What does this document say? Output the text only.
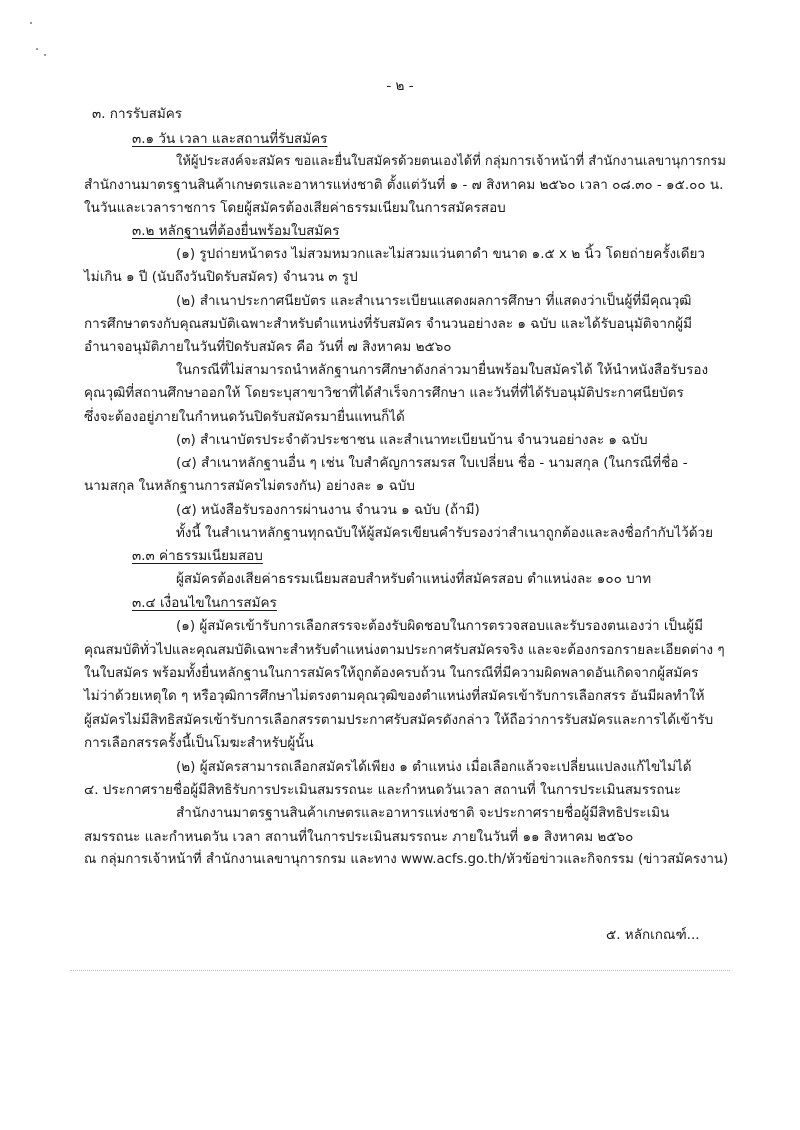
- ๒ -
๓. การรับสมัคร
๓.๑ วัน เวลา และสถานที่รับสมัคร
ให้ผู้ประสงค์จะสมัคร ขอและยื่นใบสมัครด้วยตนเองได้ที่ กลุ่มการเจ้าหน้าที่ สำนักงานเลขานุการกรม
สำนักงานมาตรฐานสินค้าเกษตรและอาหารแห่งชาติ ตั้งแต่วันที่ ๑ - ๗ สิงหาคม ๒๕๖๐ เวลา ๐๘.๓๐ - ๑๕.๐๐ น.
ในวันและเวลาราชการ โดยผู้สมัครต้องเสียค่าธรรมเนียมในการสมัครสอบ
๓.๒ หลักฐานที่ต้องยื่นพร้อมใบสมัคร
(๑) รูปถ่ายหน้าตรง ไม่สวมหมวกและไม่สวมแว่นตาดำ ขนาด ๑.๕ x ๒ นิ้ว โดยถ่ายครั้งเดียว
ไม่เกิน ๑ ปี (นับถึงวันปิดรับสมัคร) จำนวน ๓ รูป
(๒) สำเนาประกาศนียบัตร และสำเนาระเบียนแสดงผลการศึกษา ที่แสดงว่าเป็นผู้ที่มีคุณวุฒิ
การศึกษาตรงกับคุณสมบัติเฉพาะสำหรับตำแหน่งที่รับสมัคร จำนวนอย่างละ ๑ ฉบับ และได้รับอนุมัติจากผู้มี
อำนาจอนุมัติภายในวันที่ปิดรับสมัคร คือ วันที่ ๗ สิงหาคม ๒๕๖๐
ในกรณีที่ไม่สามารถนำหลักฐานการศึกษาดังกล่าวมายื่นพร้อมใบสมัครได้ ให้นำหนังสือรับรอง
คุณวุฒิที่สถานศึกษาออกให้ โดยระบุสาขาวิชาที่ได้สำเร็จการศึกษา และวันที่ที่ได้รับอนุมัติประกาศนียบัตร
ซึ่งจะต้องอยู่ภายในกำหนดวันปิดรับสมัครมายื่นแทนก็ได้
(๓) สำเนาบัตรประจำตัวประชาชน และสำเนาทะเบียนบ้าน จำนวนอย่างละ ๑ ฉบับ
(๔) สำเนาหลักฐานอื่น ๆ เช่น ใบสำคัญการสมรส ใบเปลี่ยน ชื่อ - นามสกุล (ในกรณีที่ชื่อ -
นามสกุล ในหลักฐานการสมัครไม่ตรงกัน) อย่างละ ๑ ฉบับ
(๕) หนังสือรับรองการผ่านงาน จำนวน ๑ ฉบับ (ถ้ามี)
ทั้งนี้ ในสำเนาหลักฐานทุกฉบับให้ผู้สมัครเขียนคำรับรองว่าสำเนาถูกต้องและลงชื่อกำกับไว้ด้วย
๓.๓ ค่าธรรมเนียมสอบ
ผู้สมัครต้องเสียค่าธรรมเนียมสอบสำหรับตำแหน่งที่สมัครสอบ ตำแหน่งละ ๑๐๐ บาท
๓.๔ เงื่อนไขในการสมัคร
(๑) ผู้สมัครเข้ารับการเลือกสรรจะต้องรับผิดชอบในการตรวจสอบและรับรองตนเองว่า เป็นผู้มี
คุณสมบัติทั่วไปและคุณสมบัติเฉพาะสำหรับตำแหน่งตามประกาศรับสมัครจริง และจะต้องกรอกรายละเอียดต่าง ๆ
ในใบสมัคร พร้อมทั้งยื่นหลักฐานในการสมัครให้ถูกต้องครบถ้วน ในกรณีที่มีความผิดพลาดอันเกิดจากผู้สมัคร
ไม่ว่าด้วยเหตุใด ๆ หรือวุฒิการศึกษาไม่ตรงตามคุณวุฒิของตำแหน่งที่สมัครเข้ารับการเลือกสรร อันมีผลทำให้
ผู้สมัครไม่มีสิทธิสมัครเข้ารับการเลือกสรรตามประกาศรับสมัครดังกล่าว ให้ถือว่าการรับสมัครและการได้เข้ารับ
การเลือกสรรครั้งนี้เป็นโมฆะสำหรับผู้นั้น
(๒) ผู้สมัครสามารถเลือกสมัครได้เพียง ๑ ตำแหน่ง เมื่อเลือกแล้วจะเปลี่ยนแปลงแก้ไขไม่ได้
๔. ประกาศรายชื่อผู้มีสิทธิรับการประเมินสมรรถนะ และกำหนดวันเวลา สถานที่ ในการประเมินสมรรถนะ
สำนักงานมาตรฐานสินค้าเกษตรและอาหารแห่งชาติ จะประกาศรายชื่อผู้มีสิทธิประเมิน
สมรรถนะ และกำหนดวัน เวลา สถานที่ในการประเมินสมรรถนะ ภายในวันที่ ๑๑ สิงหาคม ๒๕๖๐
ณ กลุ่มการเจ้าหน้าที่ สำนักงานเลขานุการกรม และทาง www.acfs.go.th/หัวข้อข่าวและกิจกรรม (ข่าวสมัครงาน)
๕. หลักเกณฑ์...
